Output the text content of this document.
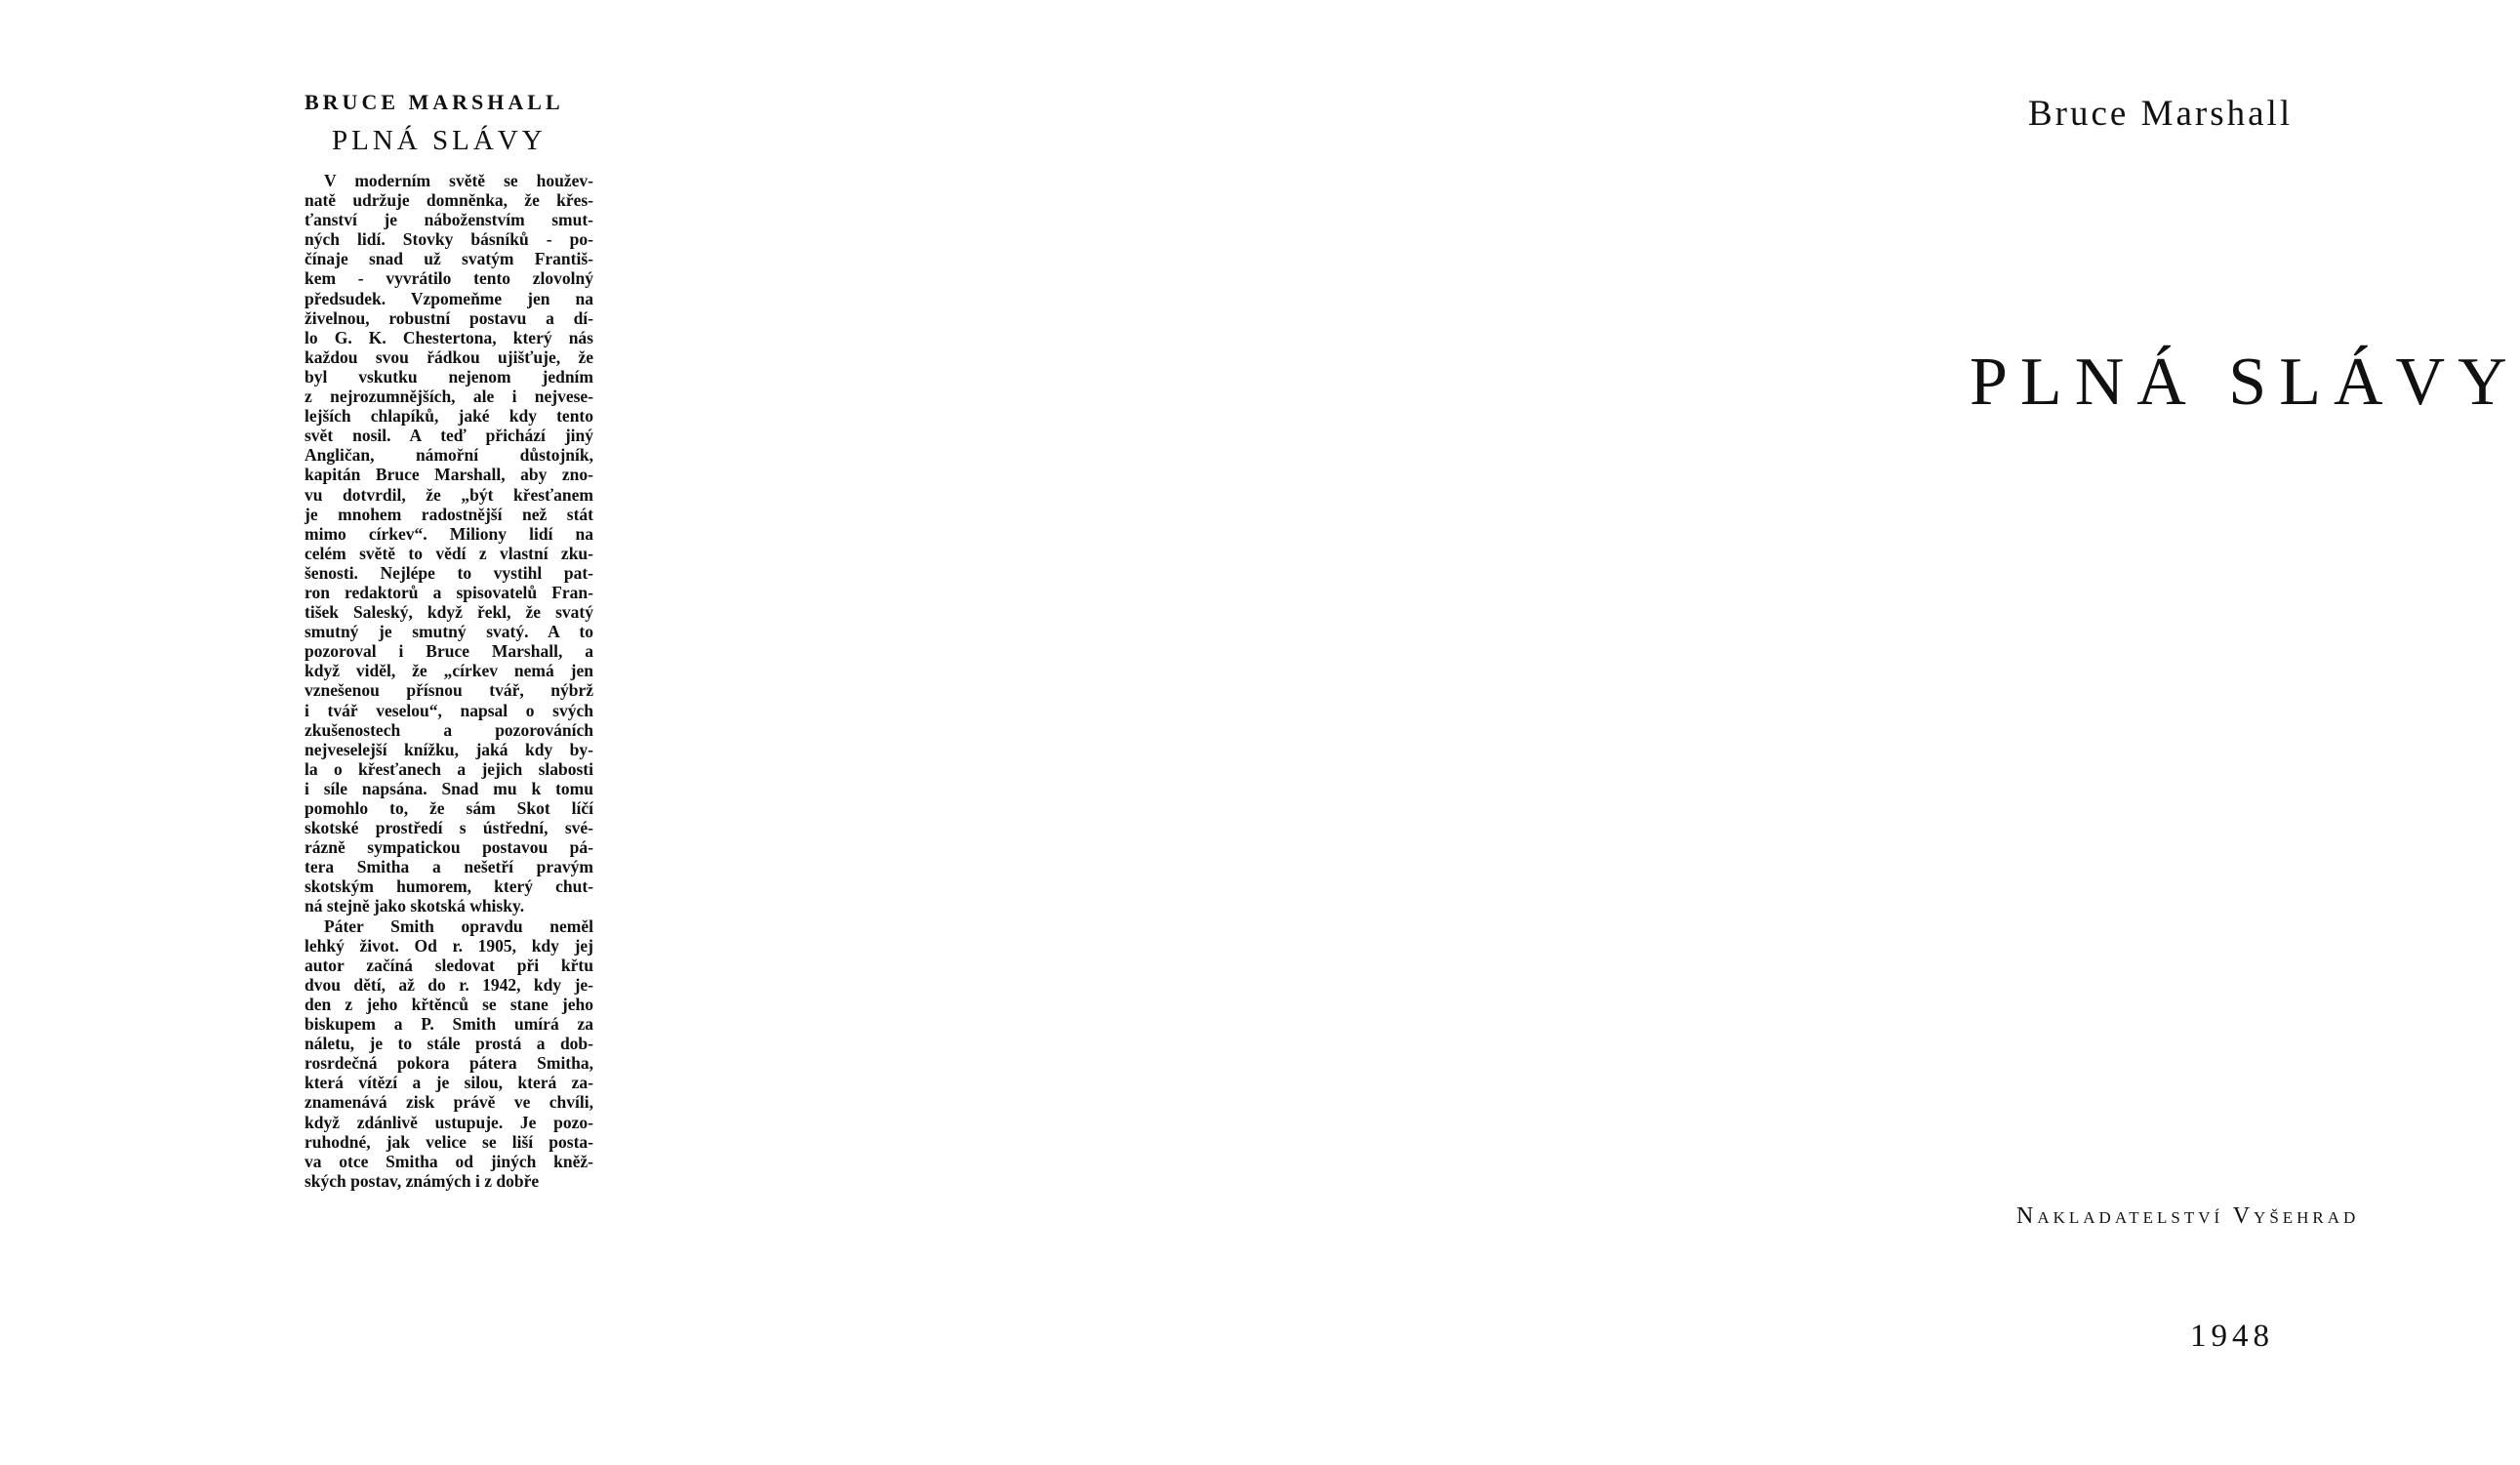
BRUCE MARSHALL
PLNÁ SLÁVY
V moderním světě se houžev-
natě udržuje domněnka, že křes-
ťanství je náboženstvím smut-
ných lidí. Stovky básníků - po-
čínaje snad už svatým Františ-
kem - vyvrátilo tento zlovolný
předsudek. Vzpomeňme jen na
živelnou, robustní postavu a dí-
lo G. K. Chestertona, který nás
každou svou řádkou ujišťuje, že
byl vskutku nejenom jedním
z nejrozumnějších, ale i nejvese-
lejších chlapíků, jaké kdy tento
svět nosil. A teď přichází jiný
Angličan, námořní důstojník,
kapitán Bruce Marshall, aby zno-
vu dotvrdil, že „být křesťanem
je mnohem radostnější než stát
mimo církev“. Miliony lidí na
celém světě to vědí z vlastní zku-
šenosti. Nejlépe to vystihl pat-
ron redaktorů a spisovatelů Fran-
tišek Saleský, když řekl, že svatý
smutný je smutný svatý. A to
pozoroval i Bruce Marshall, a
když viděl, že „církev nemá jen
vznešenou přísnou tvář, nýbrž
i tvář veselou“, napsal o svých
zkušenostech a pozorováních
nejveselejší knížku, jaká kdy by-
la o křesťanech a jejich slabosti
i síle napsána. Snad mu k tomu
pomohlo to, že sám Skot líčí
skotské prostředí s ústřední, své-
rázně sympatickou postavou pá-
tera Smitha a nešetří pravým
skotským humorem, který chut-
ná stejně jako skotská whisky.
Páter Smith opravdu neměl
lehký život. Od r. 1905, kdy jej
autor začíná sledovat při křtu
dvou dětí, až do r. 1942, kdy je-
den z jeho křtěnců se stane jeho
biskupem a P. Smith umírá za
náletu, je to stále prostá a dob-
rosrdečná pokora pátera Smitha,
která vítězí a je silou, která za-
znamenává zisk právě ve chvíli,
když zdánlivě ustupuje. Je pozo-
ruhodné, jak velice se liší posta-
va otce Smitha od jiných kněž-
ských postav, známých i z dobře
Bruce Marshall
PLNÁ SLÁVY
Nakladatelství Vyšehrad
1948
